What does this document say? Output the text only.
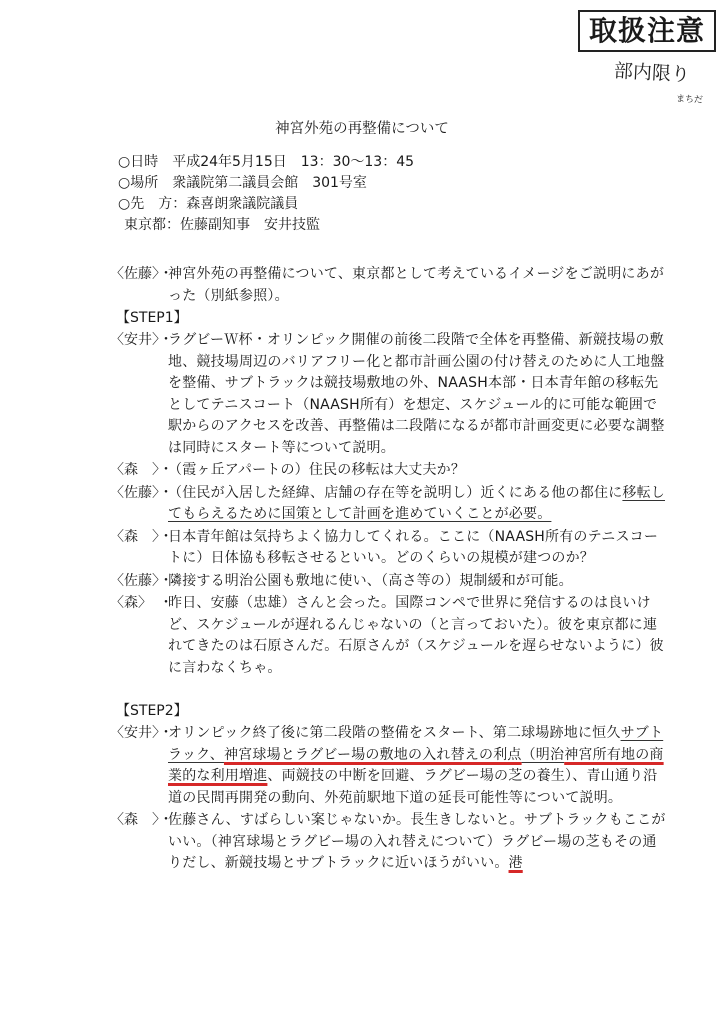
取扱注意
部内限り
まちだ
神宮外苑の再整備について
○日時　平成24年5月15日　13：30～13：45
○場所　衆議院第二議員会館　301号室
○先　方：森喜朗衆議院議員
東京都：佐藤副知事　安井技監
〈佐藤〉・
神宮外苑の再整備について、東京都として考えているイメージをご説明にあがった（別紙参照）。
【STEP1】
〈安井〉・
ラグビーＷ杯・オリンピック開催の前後二段階で全体を再整備、新競技場の敷地、競技場周辺のバリアフリー化と都市計画公園の付け替えのために人工地盤を整備、サブトラックは競技場敷地の外、NAASH本部・日本青年館の移転先としてテニスコート（NAASH所有）を想定、スケジュール的に可能な範囲で駅からのアクセスを改善、再整備は二段階になるが都市計画変更に必要な調整は同時にスタート等について説明。
〈森　〉・
（霞ヶ丘アパートの）住民の移転は大丈夫か？
〈佐藤〉・
（住民が入居した経緯、店舗の存在等を説明し）近くにある他の都住に移転してもらえるために国策として計画を進めていくことが必要。
〈森　〉・
日本青年館は気持ちよく協力してくれる。ここに（NAASH所有のテニスコートに）日体協も移転させるといい。どのくらいの規模が建つのか？
〈佐藤〉・
隣接する明治公園も敷地に使い、（高さ等の）規制緩和が可能。
〈森〉　・
昨日、安藤（忠雄）さんと会った。国際コンペで世界に発信するのは良いけど、スケジュールが遅れるんじゃないの（と言っておいた）。彼を東京都に連れてきたのは石原さんだ。石原さんが（スケジュールを遅らせないように）彼に言わなくちゃ。
【STEP2】
〈安井〉・
オリンピック終了後に第二段階の整備をスタート、第二球場跡地に恒久サブトラック、神宮球場とラグビー場の敷地の入れ替えの利点（明治神宮所有地の商業的な利用増進、両競技の中断を回避、ラグビー場の芝の養生）、青山通り沿道の民間再開発の動向、外苑前駅地下道の延長可能性等について説明。
〈森　〉・
佐藤さん、すばらしい案じゃないか。長生きしないと。サブトラックもここがいい。（神宮球場とラグビー場の入れ替えについて）ラグビー場の芝もその通りだし、新競技場とサブトラックに近いほうがいい。港
